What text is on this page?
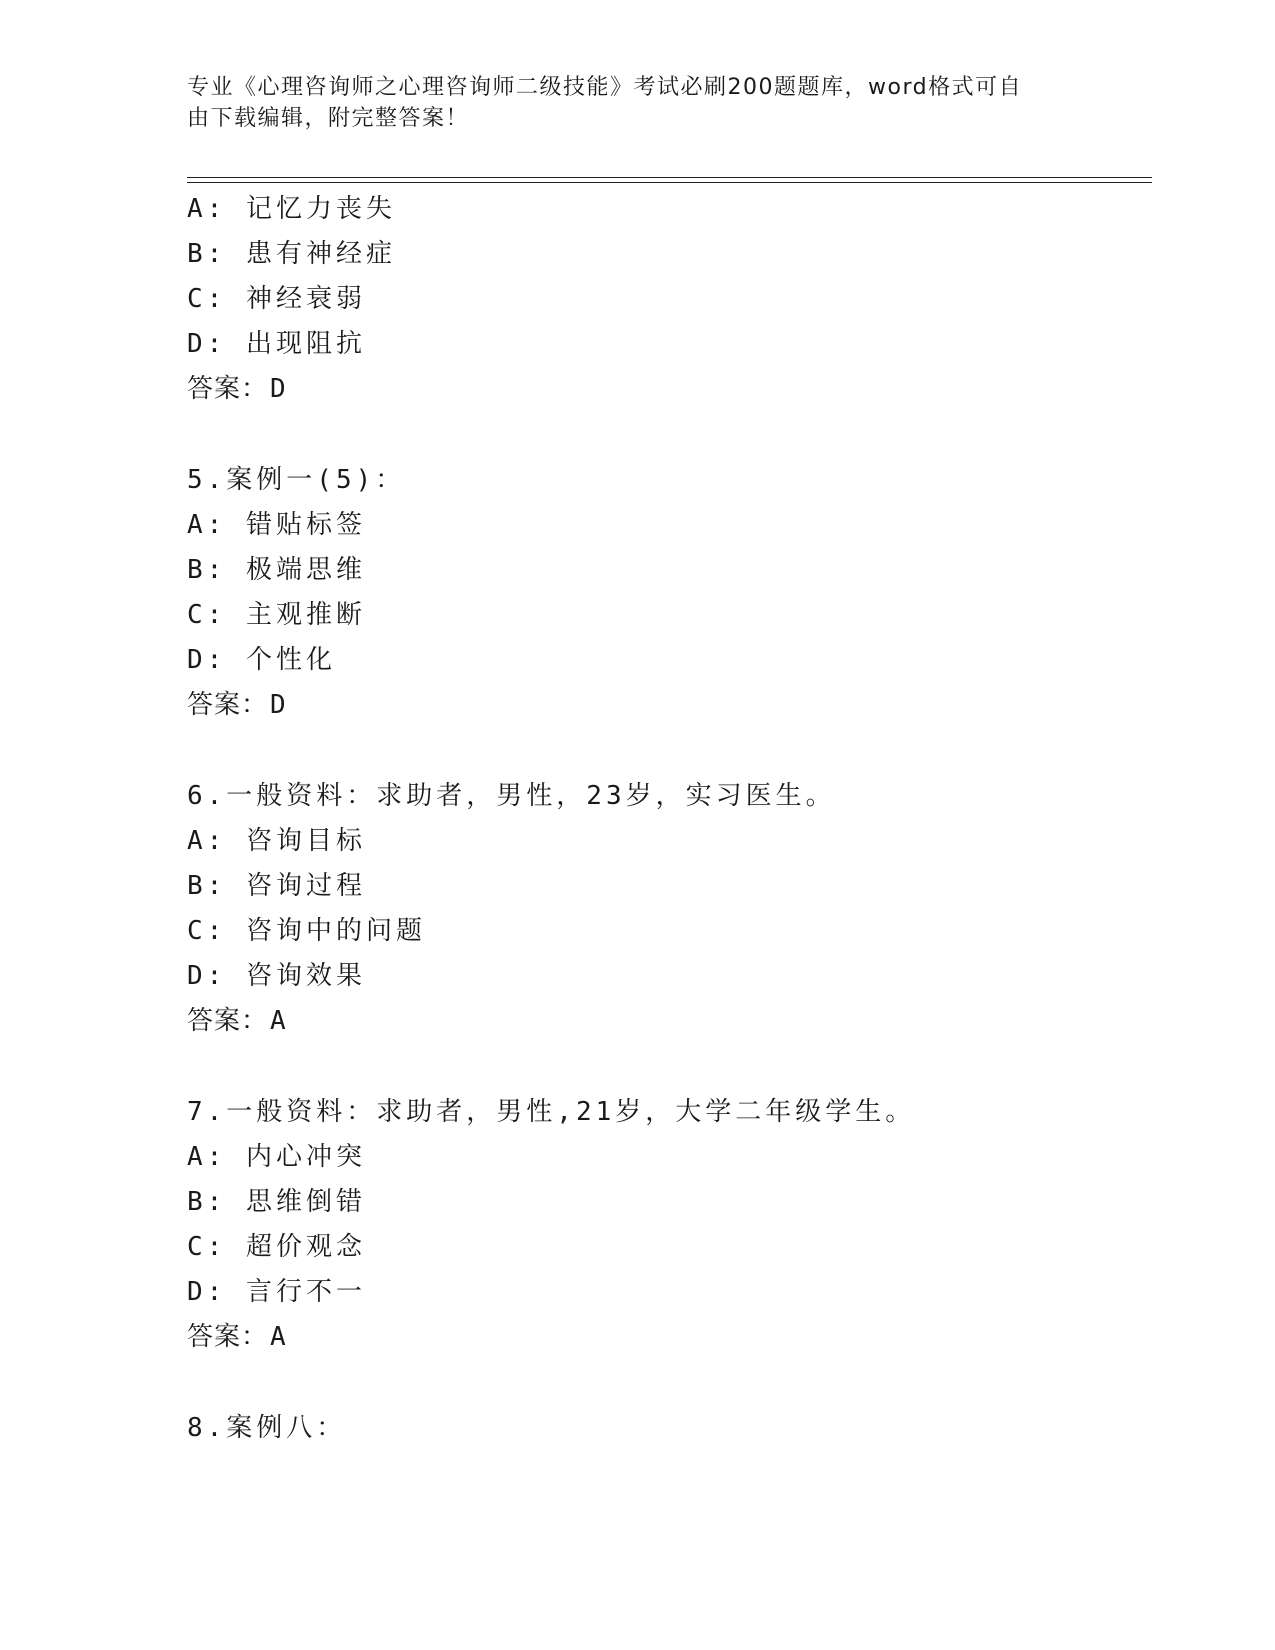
专业《心理咨询师之心理咨询师二级技能》考试必刷200题题库，word格式可自
由下载编辑，附完整答案！
A: 记忆力丧失
B: 患有神经症
C: 神经衰弱
D: 出现阻抗
答案：D
5.案例一(5)：
A: 错贴标签
B: 极端思维
C: 主观推断
D: 个性化
答案：D
6.一般资料：求助者，男性，23岁，实习医生。
A: 咨询目标
B: 咨询过程
C: 咨询中的问题
D: 咨询效果
答案：A
7.一般资料：求助者，男性,21岁，大学二年级学生。
A: 内心冲突
B: 思维倒错
C: 超价观念
D: 言行不一
答案：A
8.案例八：
